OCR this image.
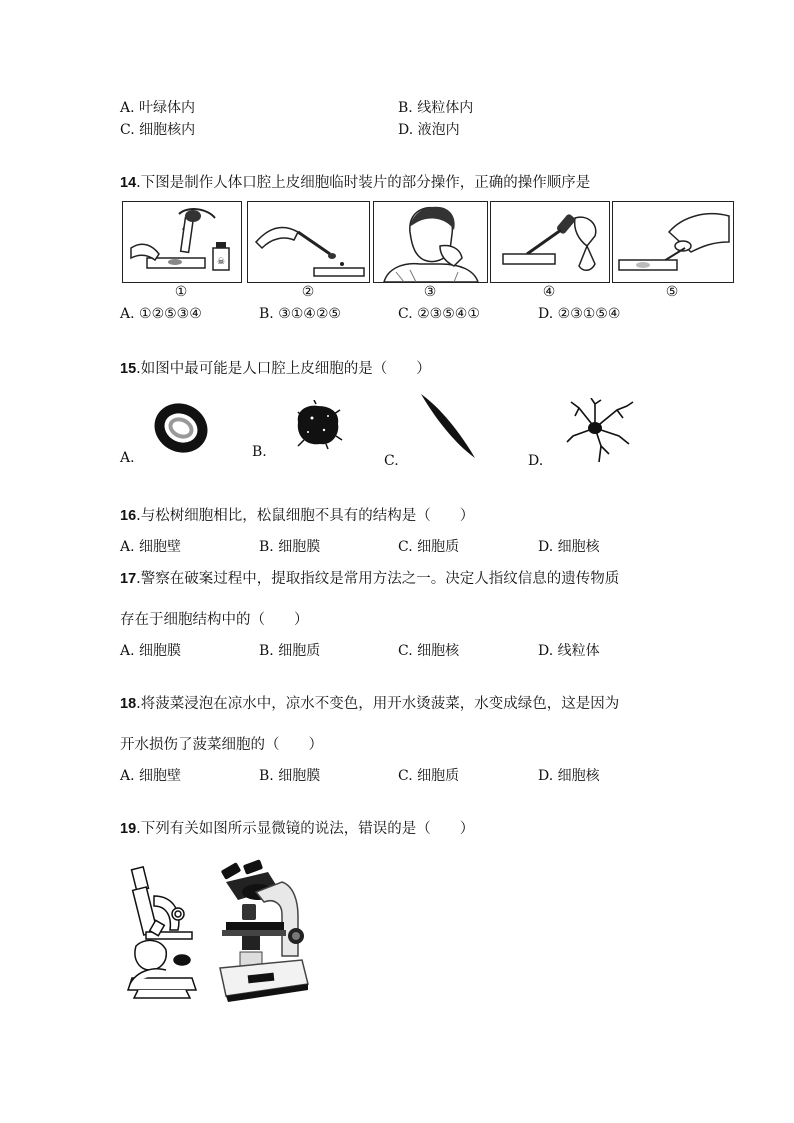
A. 叶绿体内	B. 线粒体内
C. 细胞核内	D. 液泡内
14.下图是制作人体口腔上皮细胞临时装片的部分操作，正确的操作顺序是
☠
①	②	③	④	⑤
A. ①②⑤③④	B. ③①④②⑤	C. ②③⑤④①	D. ②③①⑤④
15.如图中最可能是人口腔上皮细胞的是（　　）
A.	B.
C.	D.
16.与松树细胞相比，松鼠细胞不具有的结构是（　　）
A. 细胞壁	B. 细胞膜	C. 细胞质	D. 细胞核
17.警察在破案过程中，提取指纹是常用方法之一。决定人指纹信息的遗传物质
存在于细胞结构中的（　　）
A. 细胞膜	B. 细胞质	C. 细胞核	D. 线粒体
18.将菠菜浸泡在凉水中，凉水不变色，用开水烫菠菜，水变成绿色，这是因为
开水损伤了菠菜细胞的（　　）
A. 细胞壁	B. 细胞膜	C. 细胞质	D. 细胞核
19.下列有关如图所示显微镜的说法，错误的是（　　）
